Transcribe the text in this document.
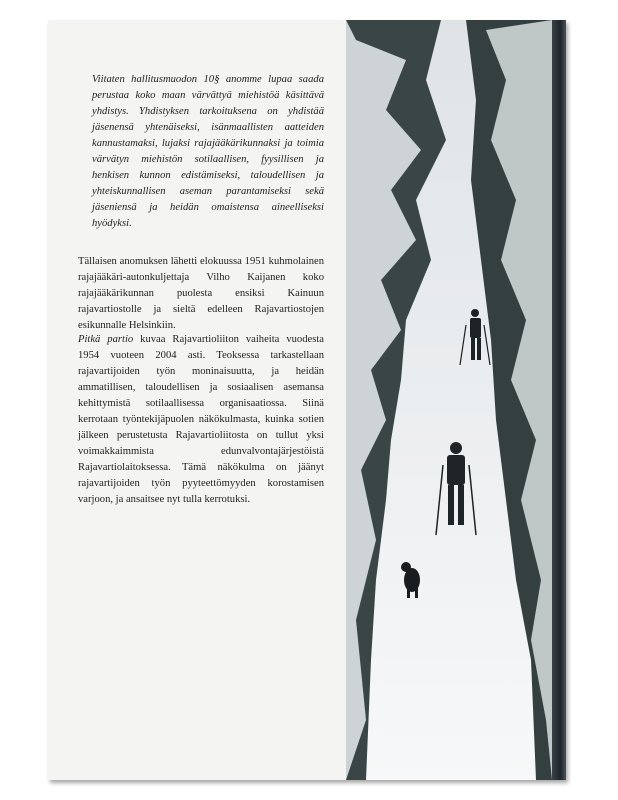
Viitaten hallitusmuodon 10§ anomme lupaa saada perustaa koko maan värvättyä miehistöä käsittävä yhdistys. Yhdistyksen tarkoituksena on yhdistää jäsenensä yhtenäiseksi, isänmaallisten aatteiden kannustamaksi, lujaksi rajajääkärikunnaksi ja toimia värvätyn miehistön sotilaallisen, fyysillisen ja henkisen kunnon edistämiseksi, taloudellisen ja yhteiskunnallisen aseman parantamiseksi sekä jäseniensä ja heidän omaistensa aineelliseksi hyödyksi.

Tällaisen anomuksen lähetti elokuussa 1951 kuhmolainen rajajääkäri-autonkuljettaja Vilho Kaijanen koko rajajääkärikunnan puolesta ensiksi Kainuun rajavartiostolle ja sieltä edelleen Rajavartiostojen esikunnalle Helsinkiin.

Pitkä partio kuvaa Rajavartioliiton vaiheita vuodesta 1954 vuoteen 2004 asti. Teoksessa tarkastellaan rajavartijoiden työn moninaisuutta, ja heidän ammatillisen, taloudellisen ja sosiaalisen asemansa kehittymistä sotilaallisessa organisaatiossa. Siinä kerrotaan työntekijäpuolen näkökulmasta, kuinka sotien jälkeen perustetusta Rajavartioliitosta on tullut yksi voimakkaimmista edunvalvontajärjestöistä Rajavartiolaitoksessa. Tämä näkökulma on jäänyt rajavartijoiden työn pyyteettömyyden korostamisen varjoon, ja ansaitsee nyt tulla kerrotuksi.
